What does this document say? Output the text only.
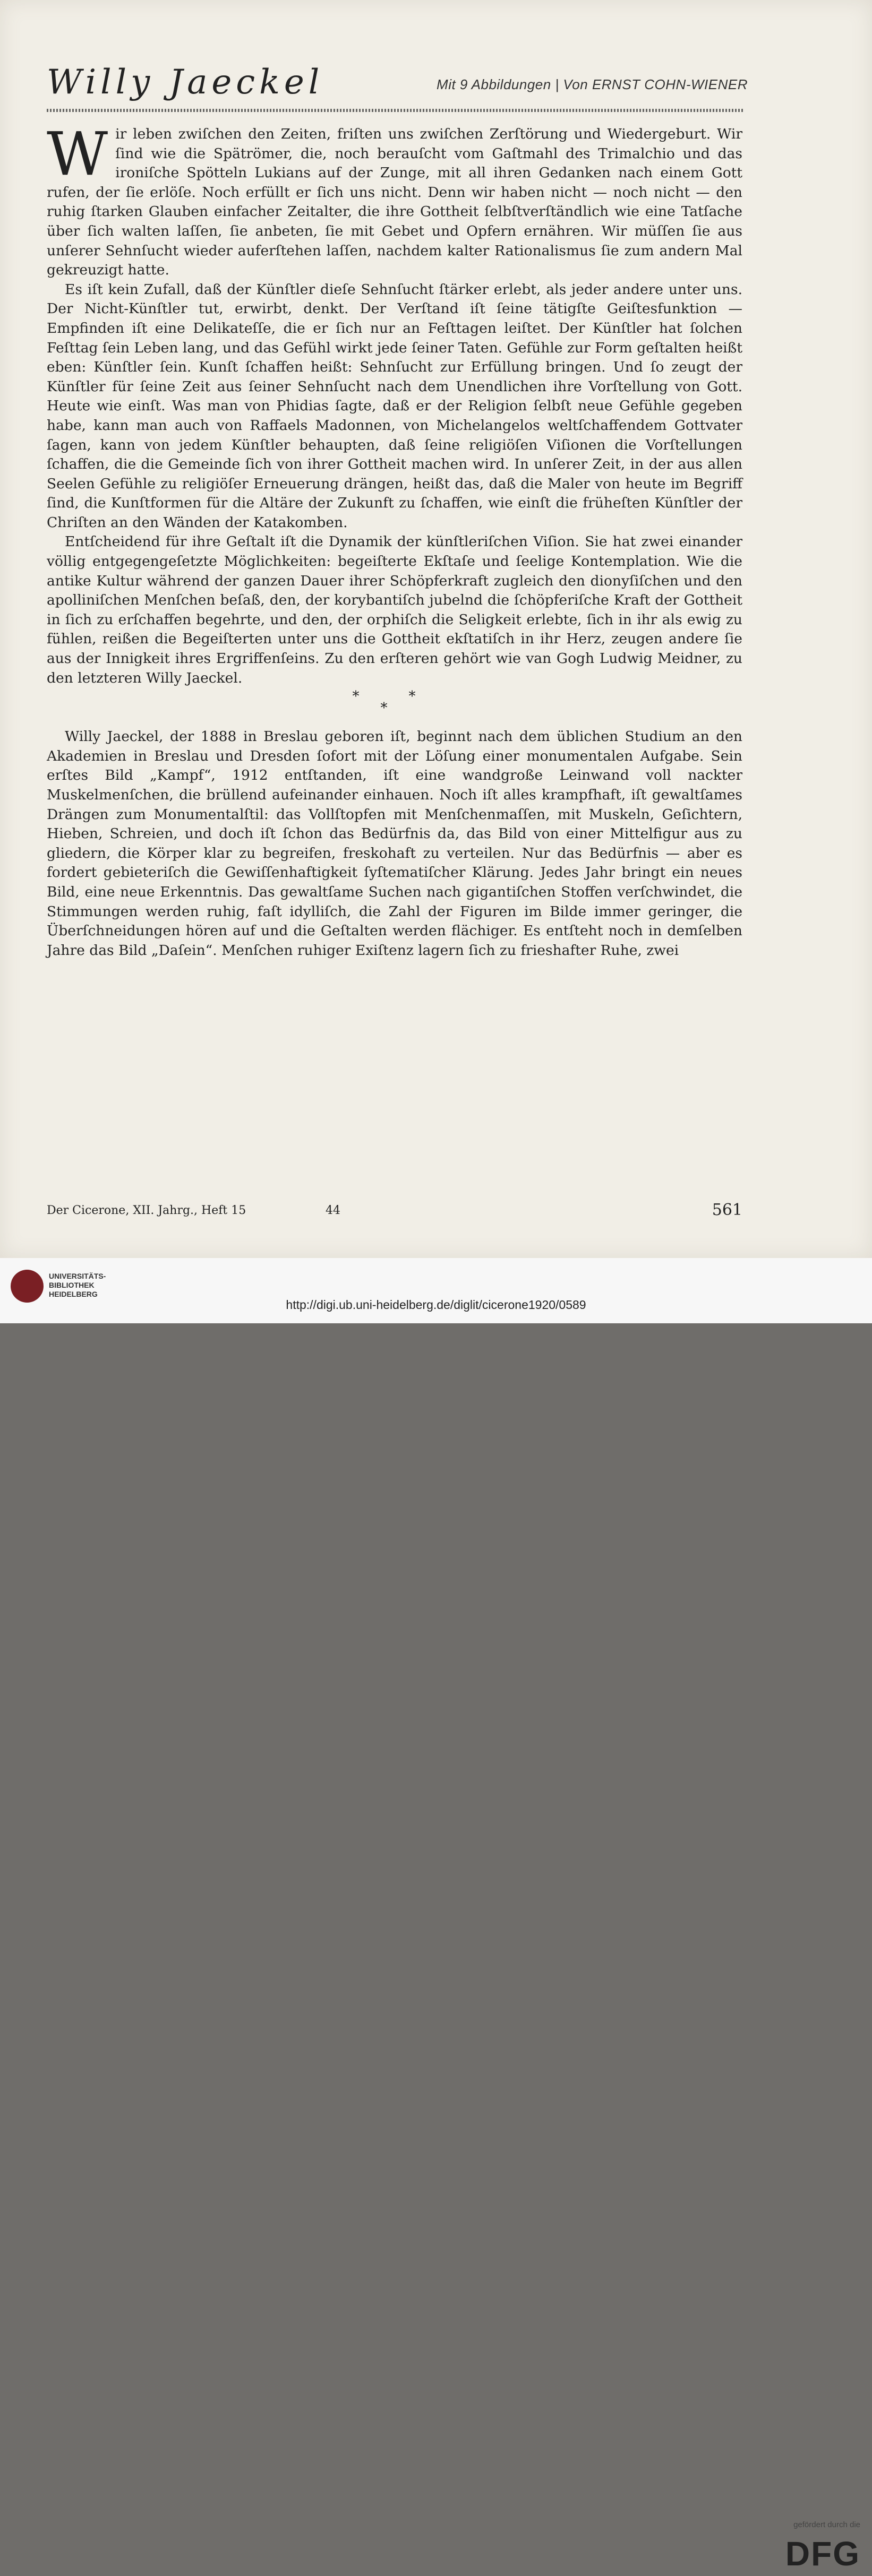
Willy Jaeckel	Mit 9 Abbildungen | Von ERNST COHN-WIENER

Wir leben zwiſchen den Zeiten, friſten uns zwiſchen Zerſtörung und Wiedergeburt. Wir ſind wie die Spätrömer, die, noch berauſcht vom Gaſtmahl des Trimalchio und das ironiſche Spötteln Lukians auf der Zunge, mit all ihren Gedanken nach einem Gott rufen, der ſie erlöſe. Noch erfüllt er ſich uns nicht. Denn wir haben nicht — noch nicht — den ruhig ſtarken Glauben einfacher Zeitalter, die ihre Gottheit ſelbſtverſtändlich wie eine Tatſache über ſich walten laſſen, ſie anbeten, ſie mit Gebet und Opfern ernähren. Wir müſſen ſie aus unſerer Sehnſucht wieder auferſtehen laſſen, nachdem kalter Rationalismus ſie zum andern Mal gekreuzigt hatte.

Es iſt kein Zufall, daß der Künſtler dieſe Sehnſucht ſtärker erlebt, als jeder andere unter uns. Der Nicht-Künſtler tut, erwirbt, denkt. Der Verſtand iſt ſeine tätigſte Geiſtesfunktion — Empfinden iſt eine Delikateſſe, die er ſich nur an Feſttagen leiſtet. Der Künſtler hat ſolchen Feſttag ſein Leben lang, und das Gefühl wirkt jede ſeiner Taten. Gefühle zur Form geſtalten heißt eben: Künſtler ſein. Kunſt ſchaffen heißt: Sehnſucht zur Erfüllung bringen. Und ſo zeugt der Künſtler für ſeine Zeit aus ſeiner Sehnſucht nach dem Unendlichen ihre Vorſtellung von Gott. Heute wie einſt. Was man von Phidias ſagte, daß er der Religion ſelbſt neue Gefühle gegeben habe, kann man auch von Raffaels Madonnen, von Michelangelos weltſchaffendem Gottvater ſagen, kann von jedem Künſtler behaupten, daß ſeine religiöſen Viſionen die Vorſtellungen ſchaffen, die die Gemeinde ſich von ihrer Gottheit machen wird. In unſerer Zeit, in der aus allen Seelen Gefühle zu religiöſer Erneuerung drängen, heißt das, daß die Maler von heute im Begriff ſind, die Kunſtformen für die Altäre der Zukunft zu ſchaffen, wie einſt die früheſten Künſtler der Chriſten an den Wänden der Katakomben.

Entſcheidend für ihre Geſtalt iſt die Dynamik der künſtleriſchen Viſion. Sie hat zwei einander völlig entgegengeſetzte Möglichkeiten: begeiſterte Ekſtaſe und ſeelige Kontemplation. Wie die antike Kultur während der ganzen Dauer ihrer Schöpferkraft zugleich den dionyſiſchen und den apolliniſchen Menſchen beſaß, den, der korybantiſch jubelnd die ſchöpferiſche Kraft der Gottheit in ſich zu erſchaffen begehrte, und den, der orphiſch die Seligkeit erlebte, ſich in ihr als ewig zu fühlen, reißen die Begeiſterten unter uns die Gottheit ekſtatiſch in ihr Herz, zeugen andere ſie aus der Innigkeit ihres Ergriffenſeins. Zu den erſteren gehört wie van Gogh Ludwig Meidner, zu den letzteren Willy Jaeckel.

***

Willy Jaeckel, der 1888 in Breslau geboren iſt, beginnt nach dem üblichen Studium an den Akademien in Breslau und Dresden ſofort mit der Löſung einer monumentalen Aufgabe. Sein erſtes Bild „Kampf“, 1912 entſtanden, iſt eine wandgroße Leinwand voll nackter Muskelmenſchen, die brüllend aufeinander einhauen. Noch iſt alles krampfhaft, iſt gewaltſames Drängen zum Monumentalſtil: das Vollſtopfen mit Menſchenmaſſen, mit Muskeln, Geſichtern, Hieben, Schreien, und doch iſt ſchon das Bedürfnis da, das Bild von einer Mittelfigur aus zu gliedern, die Körper klar zu begreifen, freskohaft zu verteilen. Nur das Bedürfnis — aber es fordert gebieteriſch die Gewiſſenhaftigkeit ſyſtematiſcher Klärung. Jedes Jahr bringt ein neues Bild, eine neue Erkenntnis. Das gewaltſame Suchen nach gigantiſchen Stoffen verſchwindet, die Stimmungen werden ruhig, faſt idylliſch, die Zahl der Figuren im Bilde immer geringer, die Überſchneidungen hören auf und die Geſtalten werden flächiger. Es entſteht noch in demſelben Jahre das Bild „Daſein“. Menſchen ruhiger Exiſtenz lagern ſich zu frieshafter Ruhe, zwei

Der Cicerone, XII. Jahrg., Heft 15	44	561
UNIVERSITÄTS-
BIBLIOTHEK
HEIDELBERG
gefördert durch die
DFG
http://digi.ub.uni-heidelberg.de/diglit/cicerone1920/0589
